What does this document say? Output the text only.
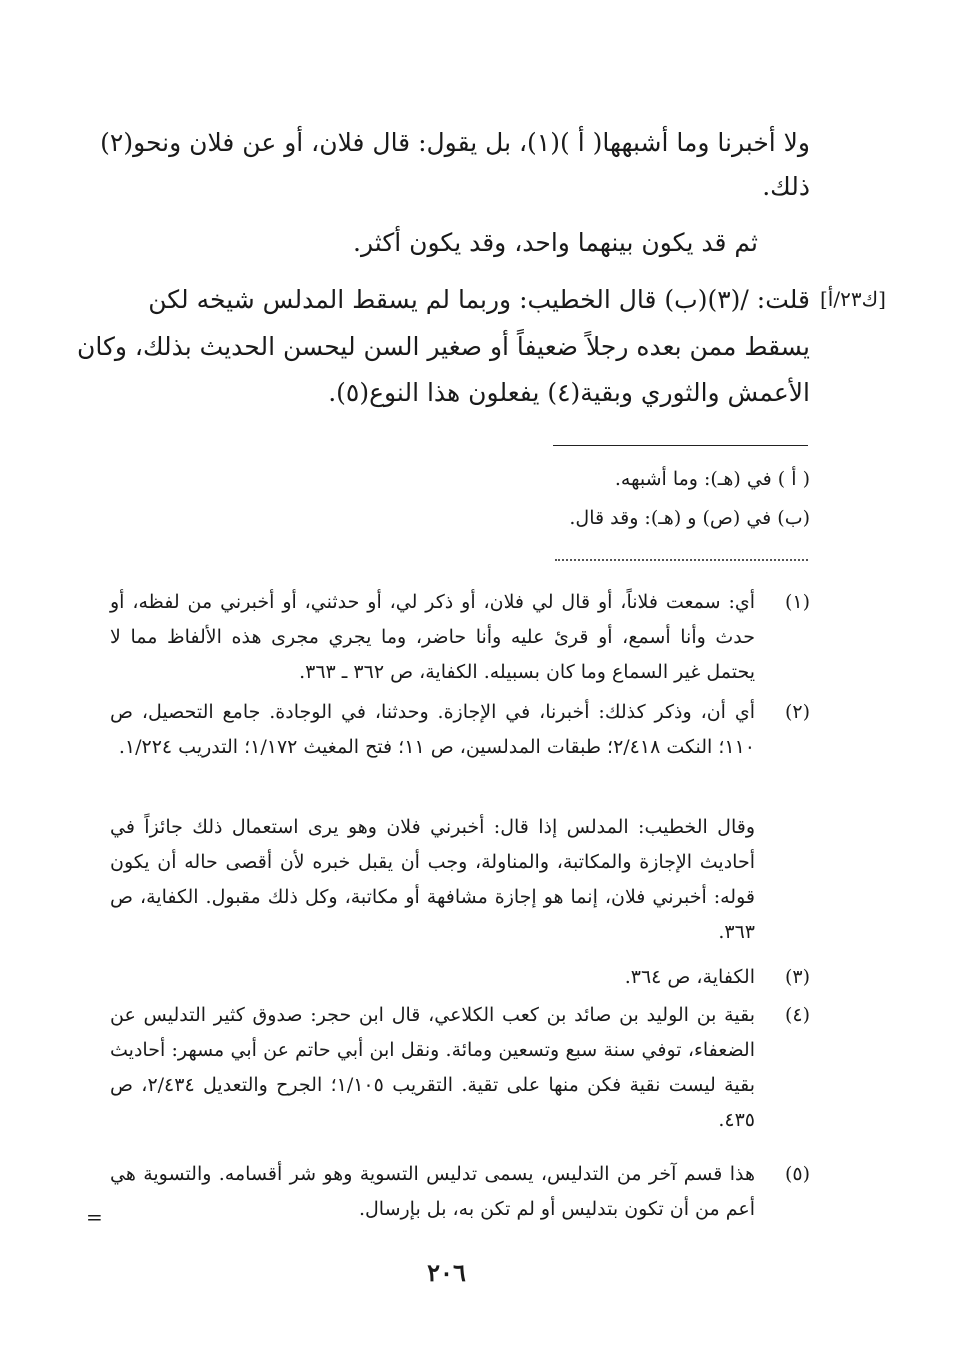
ولا أخبرنا وما أشبهها( أ )(١)، بل يقول: قال فلان، أو عن فلان ونحو(٢)
ذلك.
ثم قد يكون بينهما واحد، وقد يكون أكثر.
قلت: /(٣)(ب) قال الخطيب: وربما لم يسقط المدلس شيخه لكن
يسقط ممن بعده رجلاً ضعيفاً أو صغير السن ليحسن الحديث بذلك، وكان
الأعمش والثوري وبقية(٤) يفعلون هذا النوع(٥).
[ك٢٣/أ]
( أ ) في (هـ): وما أشبهه.
(ب) في (ص) و (هـ): وقد قال.
(١)
أي: سمعت فلاناً، أو قال لي فلان، أو ذكر لي، أو حدثني، أو أخبرني من لفظه، أو حدث وأنا أسمع، أو قرئ عليه وأنا حاضر، وما يجري مجرى هذه الألفاظ مما لا يحتمل غير السماع وما كان بسبيله. الكفاية، ص ٣٦٢ ـ ٣٦٣.
(٢)
أي أن، وذكر كذلك: أخبرنا، في الإجازة. وحدثنا، في الوجادة. جامع التحصيل، ص ١١٠؛ النكت ٢/٤١٨؛ طبقات المدلسين، ص ١١؛ فتح المغيث ١/١٧٢؛ التدريب ١/٢٢٤.
وقال الخطيب: المدلس إذا قال: أخبرني فلان وهو يرى استعمال ذلك جائزاً في أحاديث الإجازة والمكاتبة، والمناولة، وجب أن يقبل خبره لأن أقصى حاله أن يكون قوله: أخبرني فلان، إنما هو إجازة مشافهة أو مكاتبة، وكل ذلك مقبول. الكفاية، ص ٣٦٣.
(٣)
الكفاية، ص ٣٦٤.
(٤)
بقية بن الوليد بن صائد بن كعب الكلاعي، قال ابن حجر: صدوق كثير التدليس عن الضعفاء، توفي سنة سبع وتسعين ومائة. ونقل ابن أبي حاتم عن أبي مسهر: أحاديث بقية ليست نقية فكن منها على تقية. التقريب ١/١٠٥؛ الجرح والتعديل ٢/٤٣٤، ص ٤٣٥.
(٥)
هذا قسم آخر من التدليس، يسمى تدليس التسوية وهو شر أقسامه. والتسوية هي أعم من أن تكون بتدليس أو لم تكن به، بل بإرسال.
=
٢٠٦
